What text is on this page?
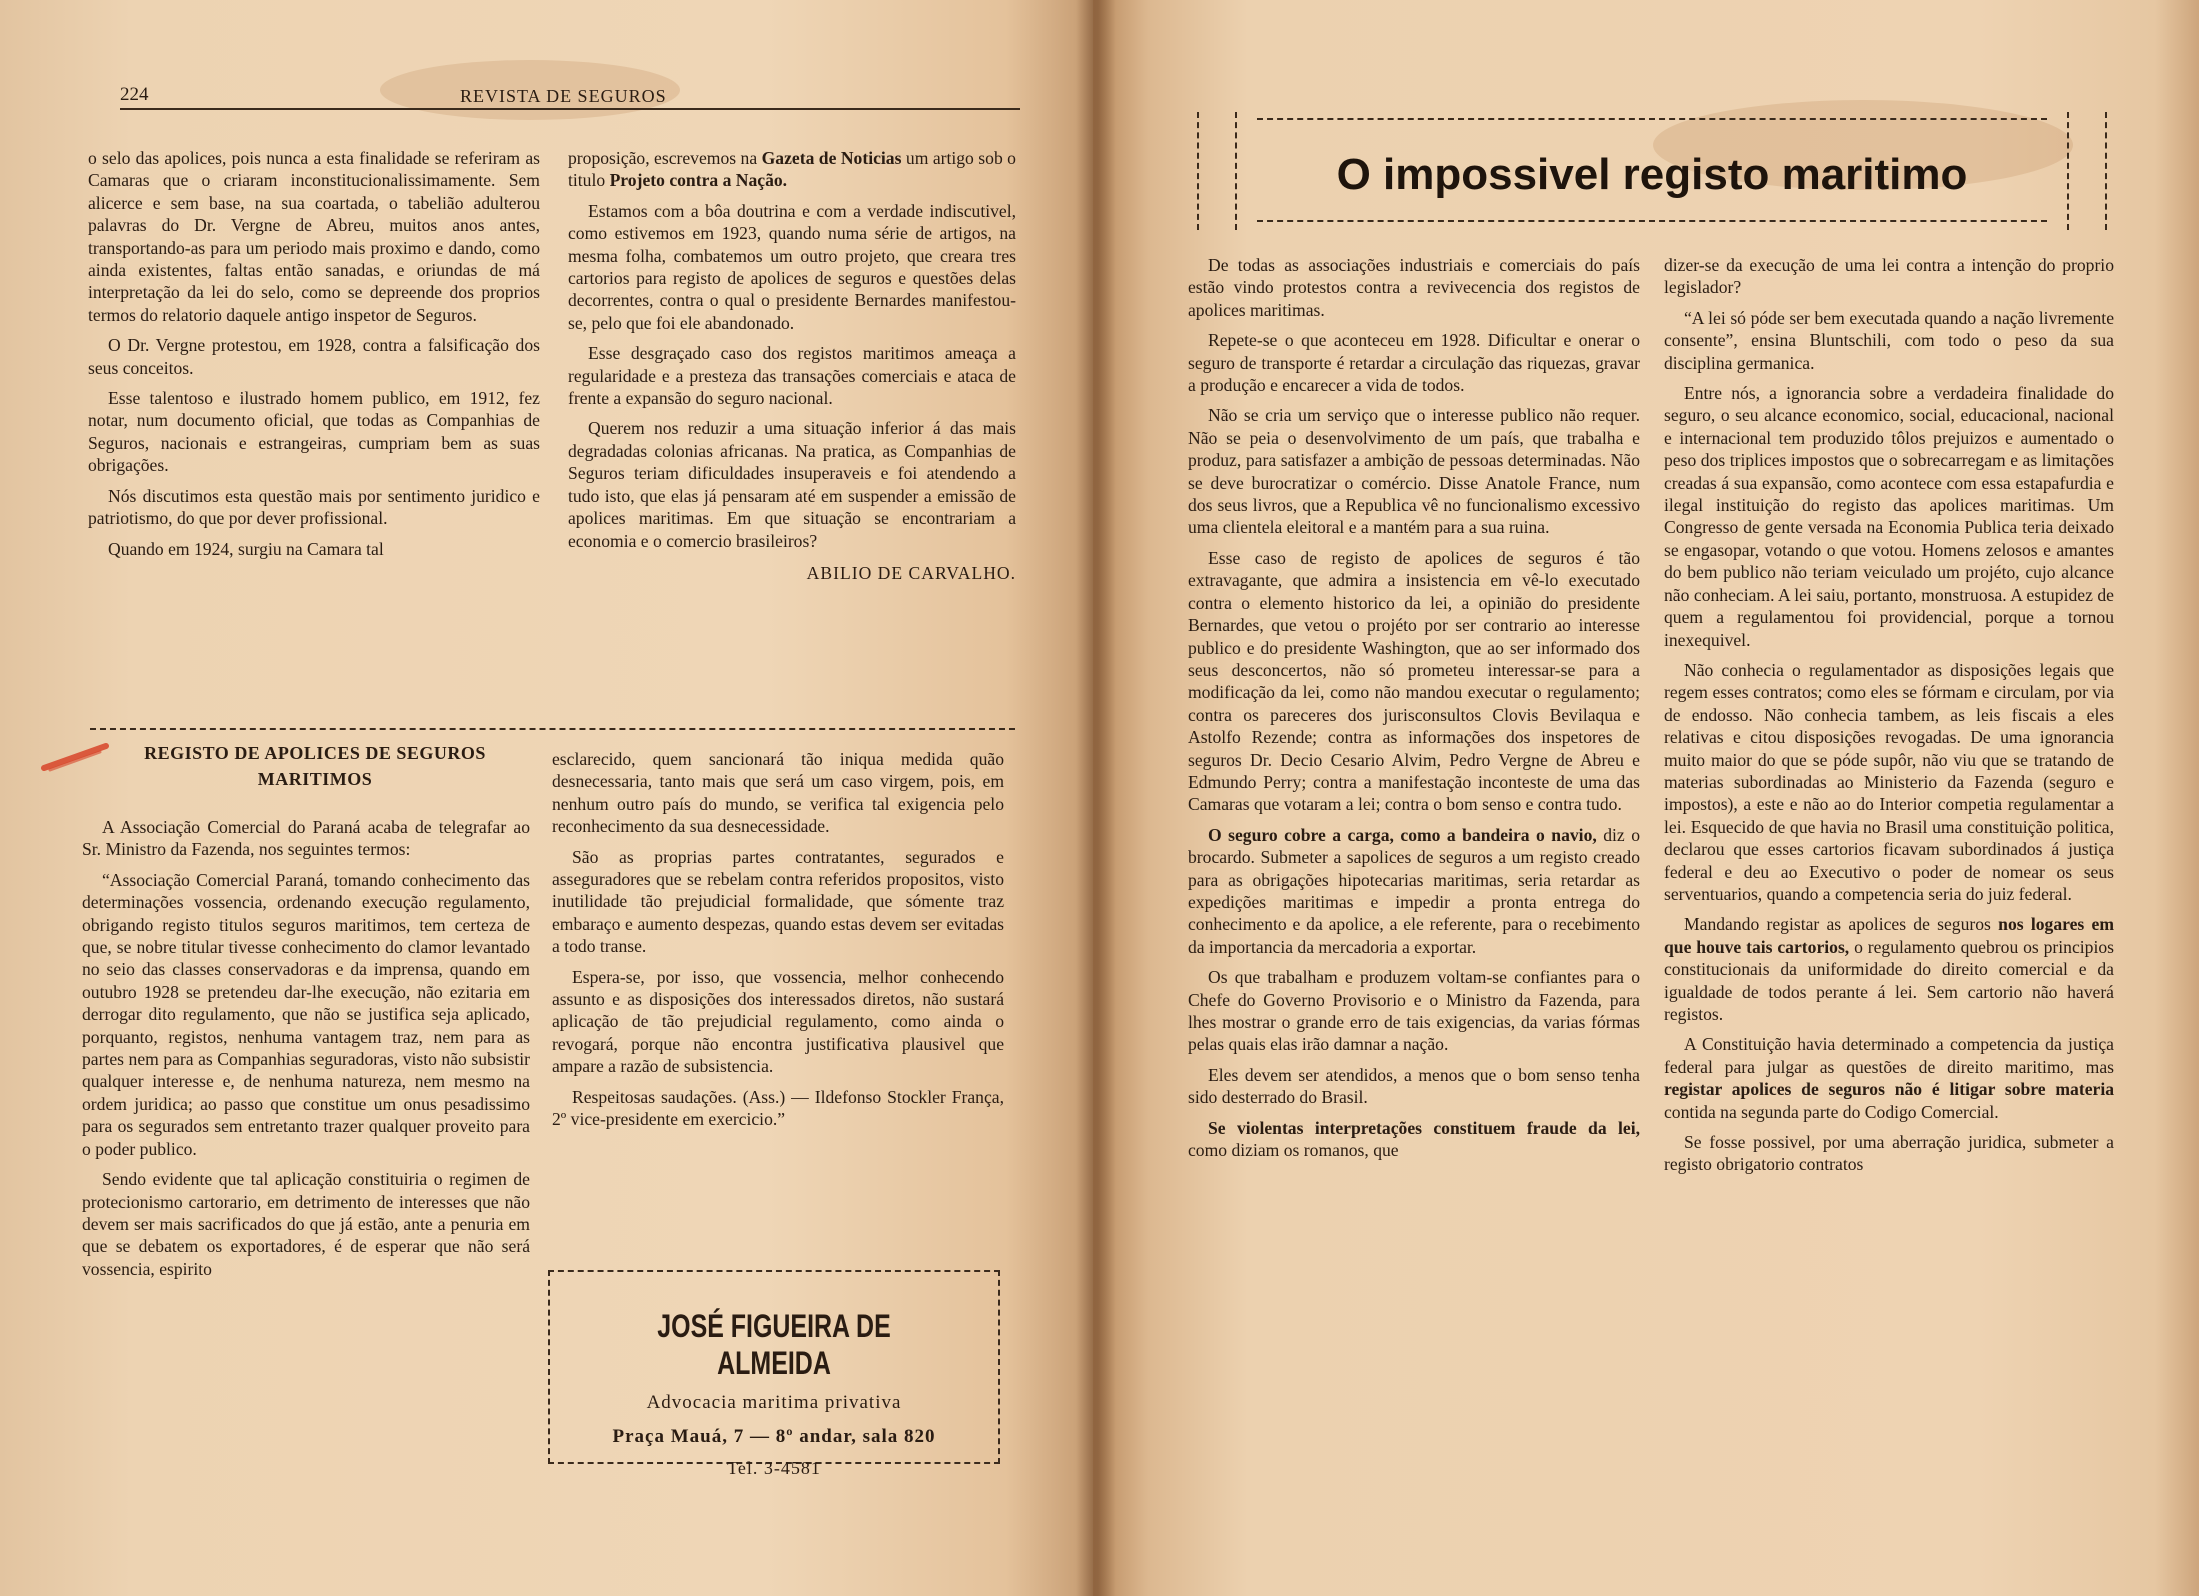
224	REVISTA DE SEGUROS

o selo das apolices, pois nunca a esta finalidade se referiram as Camaras que o criaram inconstitucionalissimamente. Sem alicerce e sem base, na sua coartada, o tabelião adulterou palavras do Dr. Vergne de Abreu, muitos anos antes, transportando-as para um periodo mais proximo e dando, como ainda existentes, faltas então sanadas, e oriundas de má interpretação da lei do selo, como se depreende dos proprios termos do relatorio daquele antigo inspetor de Seguros.

O Dr. Vergne protestou, em 1928, contra a falsificação dos seus conceitos.

Esse talentoso e ilustrado homem publico, em 1912, fez notar, num documento oficial, que todas as Companhias de Seguros, nacionais e estrangeiras, cumpriam bem as suas obrigações.

Nós discutimos esta questão mais por sentimento juridico e patriotismo, do que por dever profissional.

Quando em 1924, surgiu na Camara tal

proposição, escrevemos na Gazeta de Noticias um artigo sob o titulo Projeto contra a Nação.

Estamos com a bôa doutrina e com a verdade indiscutivel, como estivemos em 1923, quando numa série de artigos, na mesma folha, combatemos um outro projeto, que creara tres cartorios para registo de apolices de seguros e questões delas decorrentes, contra o qual o presidente Bernardes manifestou-se, pelo que foi ele abandonado.

Esse desgraçado caso dos registos maritimos ameaça a regularidade e a presteza das transações comerciais e ataca de frente a expansão do seguro nacional.

Querem nos reduzir a uma situação inferior á das mais degradadas colonias africanas. Na pratica, as Companhias de Seguros teriam dificuldades insuperaveis e foi atendendo a tudo isto, que elas já pensaram até em suspender a emissão de apolices maritimas. Em que situação se encontrariam a economia e o comercio brasileiros?

ABILIO DE CARVALHO.
REGISTO DE APOLICES DE SEGUROS
MARITIMOS

A Associação Comercial do Paraná acaba de telegrafar ao Sr. Ministro da Fazenda, nos seguintes termos:

“Associação Comercial Paraná, tomando conhecimento das determinações vossencia, ordenando execução regulamento, obrigando registo titulos seguros maritimos, tem certeza de que, se nobre titular tivesse conhecimento do clamor levantado no seio das classes conservadoras e da imprensa, quando em outubro 1928 se pretendeu dar-lhe execução, não ezitaria em derrogar dito regulamento, que não se justifica seja aplicado, porquanto, registos, nenhuma vantagem traz, nem para as partes nem para as Companhias seguradoras, visto não subsistir qualquer interesse e, de nenhuma natureza, nem mesmo na ordem juridica; ao passo que constitue um onus pesadissimo para os segurados sem entretanto trazer qualquer proveito para o poder publico.

Sendo evidente que tal aplicação constituiria o regimen de protecionismo cartorario, em detrimento de interesses que não devem ser mais sacrificados do que já estão, ante a penuria em que se debatem os exportadores, é de esperar que não será vossencia, espirito

esclarecido, quem sancionará tão iniqua medida quão desnecessaria, tanto mais que será um caso virgem, pois, em nenhum outro país do mundo, se verifica tal exigencia pelo reconhecimento da sua desnecessidade.

São as proprias partes contratantes, segurados e asseguradores que se rebelam contra referidos propositos, visto inutilidade tão prejudicial formalidade, que sómente traz embaraço e aumento despezas, quando estas devem ser evitadas a todo transe.

Espera-se, por isso, que vossencia, melhor conhecendo assunto e as disposições dos interessados diretos, não sustará aplicação de tão prejudicial regulamento, como ainda o revogará, porque não encontra justificativa plausivel que ampare a razão de subsistencia.

Respeitosas saudações. (Ass.) — Ildefonso Stockler França, 2º vice-presidente em exercicio.”

JOSÉ FIGUEIRA DE ALMEIDA
Advocacia maritima privativa
Praça Mauá, 7 — 8º andar, sala 820
Tel. 3-4581
O impossivel registo maritimo

De todas as associações industriais e comerciais do país estão vindo protestos contra a revivecencia dos registos de apolices maritimas.

Repete-se o que aconteceu em 1928. Dificultar e onerar o seguro de transporte é retardar a circulação das riquezas, gravar a produção e encarecer a vida de todos.

Não se cria um serviço que o interesse publico não requer. Não se peia o desenvolvimento de um país, que trabalha e produz, para satisfazer a ambição de pessoas determinadas. Não se deve burocratizar o comércio. Disse Anatole France, num dos seus livros, que a Republica vê no funcionalismo excessivo uma clientela eleitoral e a mantém para a sua ruina.

Esse caso de registo de apolices de seguros é tão extravagante, que admira a insistencia em vê-lo executado contra o elemento historico da lei, a opinião do presidente Bernardes, que vetou o projéto por ser contrario ao interesse publico e do presidente Washington, que ao ser informado dos seus desconcertos, não só prometeu interessar-se para a modificação da lei, como não mandou executar o regulamento; contra os pareceres dos jurisconsultos Clovis Bevilaqua e Astolfo Rezende; contra as informações dos inspetores de seguros Dr. Decio Cesario Alvim, Pedro Vergne de Abreu e Edmundo Perry; contra a manifestação inconteste de uma das Camaras que votaram a lei; contra o bom senso e contra tudo.

O seguro cobre a carga, como a bandeira o navio, diz o brocardo. Submeter a sapolices de seguros a um registo creado para as obrigações hipotecarias maritimas, seria retardar as expedições maritimas e impedir a pronta entrega do conhecimento e da apolice, a ele referente, para o recebimento da importancia da mercadoria a exportar.

Os que trabalham e produzem voltam-se confiantes para o Chefe do Governo Provisorio e o Ministro da Fazenda, para lhes mostrar o grande erro de tais exigencias, da varias fórmas pelas quais elas irão damnar a nação.

Eles devem ser atendidos, a menos que o bom senso tenha sido desterrado do Brasil.

Se violentas interpretações constituem fraude da lei, como diziam os romanos, que

dizer-se da execução de uma lei contra a intenção do proprio legislador?

“A lei só póde ser bem executada quando a nação livremente consente”, ensina Bluntschili, com todo o peso da sua disciplina germanica.

Entre nós, a ignorancia sobre a verdadeira finalidade do seguro, o seu alcance economico, social, educacional, nacional e internacional tem produzido tôlos prejuizos e aumentado o peso dos triplices impostos que o sobrecarregam e as limitações creadas á sua expansão, como acontece com essa estapafurdia e ilegal instituição do registo das apolices maritimas. Um Congresso de gente versada na Economia Publica teria deixado se engasopar, votando o que votou. Homens zelosos e amantes do bem publico não teriam veiculado um projéto, cujo alcance não conheciam. A lei saiu, portanto, monstruosa. A estupidez de quem a regulamentou foi providencial, porque a tornou inexequivel.

Não conhecia o regulamentador as disposições legais que regem esses contratos; como eles se fórmam e circulam, por via de endosso. Não conhecia tambem, as leis fiscais a eles relativas e citou disposições revogadas. De uma ignorancia muito maior do que se póde supôr, não viu que se tratando de materias subordinadas ao Ministerio da Fazenda (seguro e impostos), a este e não ao do Interior competia regulamentar a lei. Esquecido de que havia no Brasil uma constituição politica, declarou que esses cartorios ficavam subordinados á justiça federal e deu ao Executivo o poder de nomear os seus serventuarios, quando a competencia seria do juiz federal.

Mandando registar as apolices de seguros nos logares em que houve tais cartorios, o regulamento quebrou os principios constitucionais da uniformidade do direito comercial e da igualdade de todos perante á lei. Sem cartorio não haverá registos.

A Constituição havia determinado a competencia da justiça federal para julgar as questões de direito maritimo, mas registar apolices de seguros não é litigar sobre materia contida na segunda parte do Codigo Comercial.

Se fosse possivel, por uma aberração juridica, submeter a registo obrigatorio contratos
